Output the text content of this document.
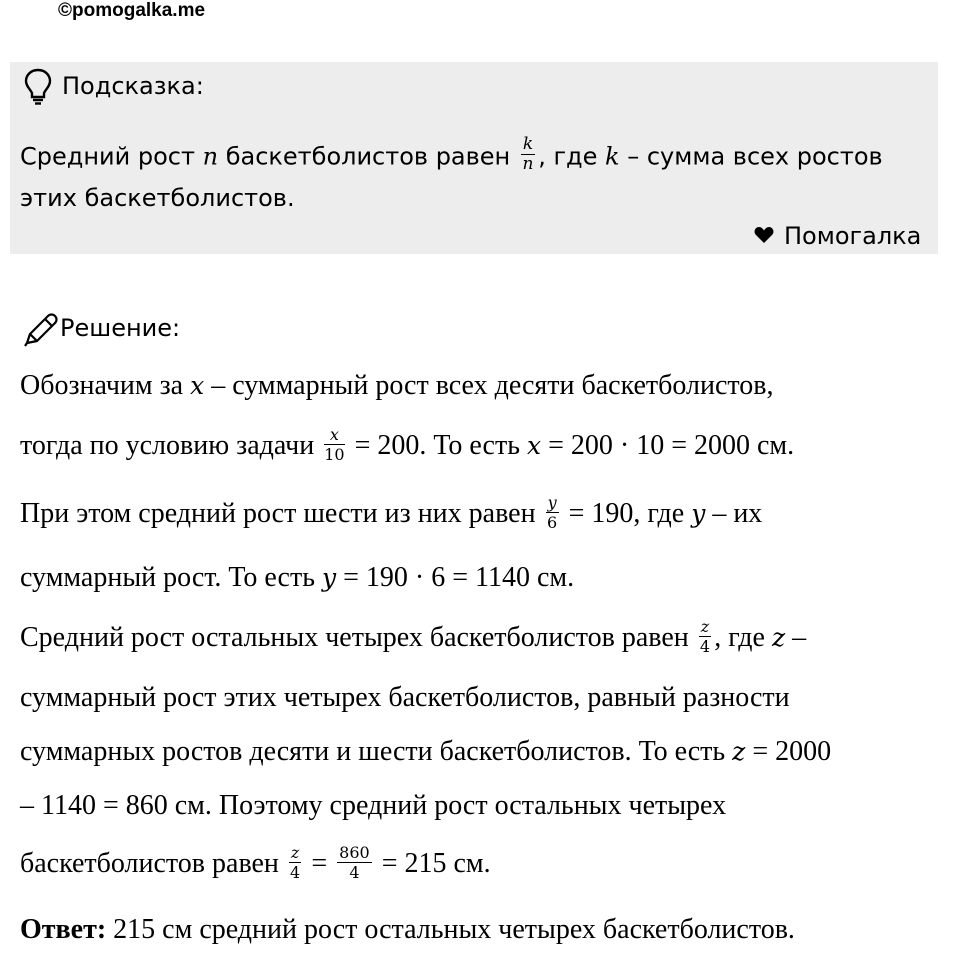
©pomogalka.me
Подсказка:
Средний рост n баскетболистов равен $\frac{k}{n}$ , где k – сумма всех ростов
этих баскетболистов.
Помогалка
Решение:
Обозначим за x – суммарный рост всех десяти баскетболистов,
тогда по условию задачи $\frac{x}{10} = 200$. То есть x = 200 · 10 = 2000 см.
При этом средний рост шести из них равен $\frac{y}{6} = 190$, где y – их
суммарный рост. То есть y = 190 · 6 = 1140 см.
Средний рост остальных четырех баскетболистов равен $\frac{z}{4}$ , где z –
суммарный рост этих четырех баскетболистов, равный разности
суммарных ростов десяти и шести баскетболистов. То есть z = 2000
– 1140 = 860 см. Поэтому средний рост остальных четырех
баскетболистов равен $\frac{z}{4} = \frac{860}{4} = 215$ см.
Ответ: 215 см средний рост остальных четырех баскетболистов.
